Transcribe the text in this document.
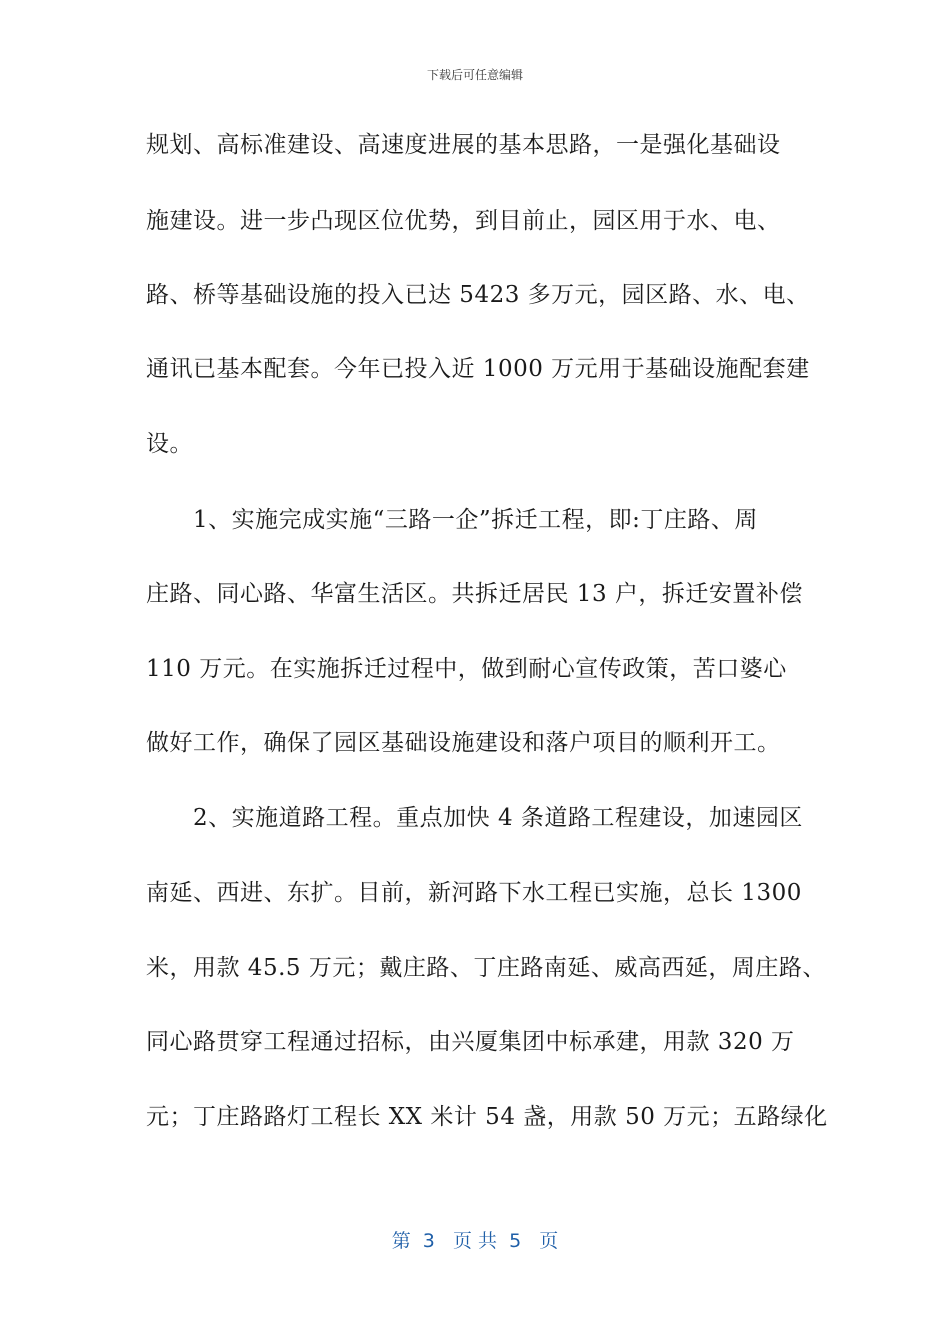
下载后可任意编辑
规划、高标准建设、高速度进展的基本思路，一是强化基础设
施建设。进一步凸现区位优势，到目前止，园区用于水、电、
路、桥等基础设施的投入已达 5423 多万元，园区路、水、电、
通讯已基本配套。今年已投入近 1000 万元用于基础设施配套建
设。
1、实施完成实施“三路一企”拆迁工程，即:丁庄路、周
庄路、同心路、华富生活区。共拆迁居民 13 户，拆迁安置补偿
110 万元。在实施拆迁过程中，做到耐心宣传政策，苦口婆心
做好工作，确保了园区基础设施建设和落户项目的顺利开工。
2、实施道路工程。重点加快 4 条道路工程建设，加速园区
南延、西进、东扩。目前，新河路下水工程已实施，总长 1300
米，用款 45.5 万元；戴庄路、丁庄路南延、威高西延，周庄路、
同心路贯穿工程通过招标，由兴厦集团中标承建，用款 320 万
元；丁庄路路灯工程长 XX 米计 54 盏，用款 50 万元；五路绿化
第  3   页 共  5   页
